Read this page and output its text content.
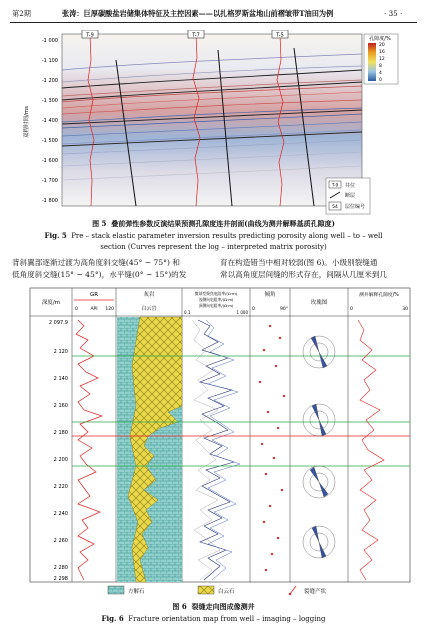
第2期	张涛：巨厚碳酸盐岩储集体特征及主控因素——以扎格罗斯盆地山前褶皱带T油田为例	· 35 ·
T-9	T-7	T-5
-1 000
-1 100
-1 200
-1 300
-1 400
-1 500
-1 600
-1 700
-1 800
双程时间/ms
孔隙度/%
20
16
12
8
4
0
T-9 井位
断层
54 层位编号
图 5 叠前弹性参数反演结果预测孔隙度连井剖面(曲线为测井解释基质孔隙度)
Fig. 5 Pre – stack elastic parameter inversion results predicting porosity along well – to – well
section (Curves represent the log – interpreted matrix porosity)
背斜翼部逐渐过渡为高角度斜交缝(45° ~ 75°) 和
低角度斜交缝(15° ~ 45°)，水平缝(0° ~ 15°)的发
育在构造错当中相对较弱(图 6)。小级别裂缝通
常以高角度层间缝的形式存在，间隔从几厘米到几
深度/m
GR
0	API 120
灰岩
白云岩
微球型聚焦电阻率/(Ω·m)
浅侧向电阻率/(Ω·m)
深侧向电阻率/(Ω·m)
0.1	1 000
倾角
0	90°
玫瑰图
测井解释孔隙度/%
0	30
2 097.9
2 120
2 140
2 160
2 180
2 200
2 220
2 240
2 260
2 280
2 298
方解石	白云石	裂缝产状
图 6 裂缝走向图成像测井
Fig. 6 Fracture orientation map from well – imaging – logging
